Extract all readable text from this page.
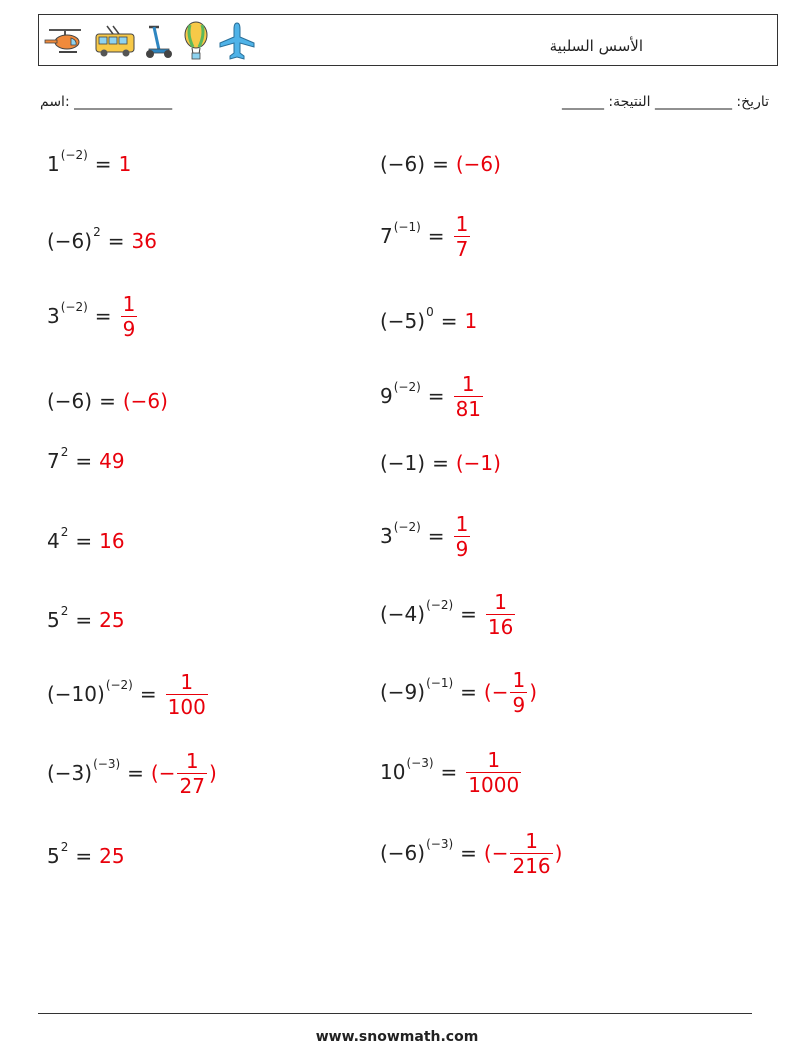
الأسس السلبية
اسم: ______________	______ :تاريخ: ___________ النتيجة
1 (−2) = 1	(−6) = (−6)
(−6) 2 = 36	7 $(-1) = \frac{1}{7}$
3 $(-2) = \frac{1}{9}$	(−5) 0 = 1
(−6) = (−6)	9 $(-2) = \frac{1}{81}$
7 2 = 49	(−1) = (−1)
4 2 = 16	3 $(-2) = \frac{1}{9}$
5 2 = 25	(−4) $(-2) = \frac{1}{16}$
(−10) $(-2) = \frac{1}{100}$	(−9) (−1) = (− $\frac{1}{9}$ )
(−3) (−3) = (− $\frac{1}{27}$ )	10 $(-3) = \frac{1}{1000}$
5 2 = 25	(−6) (−3) = (− $\frac{1}{216}$ )
www.snowmath.com
